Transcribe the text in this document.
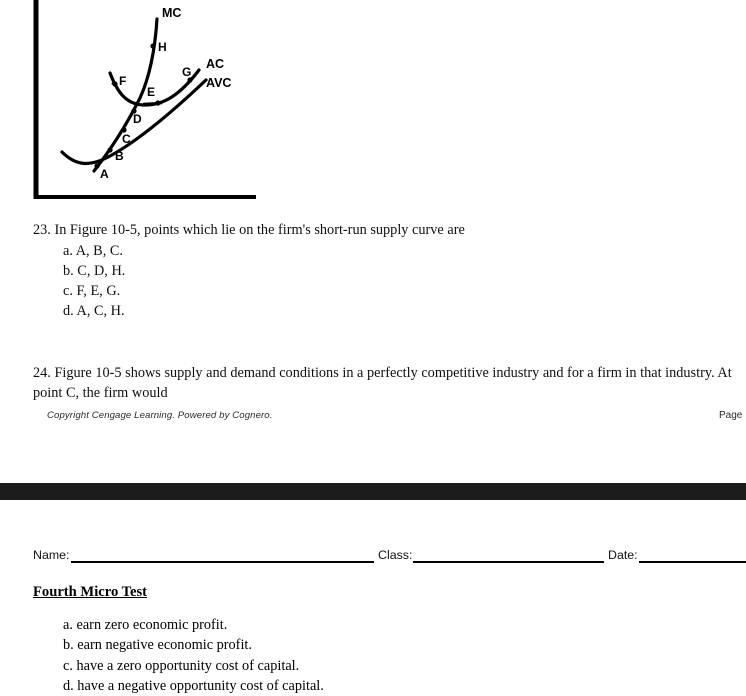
MC
AC
AVC
A
B
C
D
E
F
G
H
23. In Figure 10-5, points which lie on the firm's short-run supply curve are
a. A, B, C.
b. C, D, H.
c. F, E, G.
d. A, C, H.
24. Figure 10-5 shows supply and demand conditions in a perfectly competitive industry and for a firm in that industry. At point C, the firm would
Copyright Cengage Learning. Powered by Cognero.	Page
Name:	Class:	Date:
Fourth Micro Test
a. earn zero economic profit.
b. earn negative economic profit.
c. have a zero opportunity cost of capital.
d. have a negative opportunity cost of capital.
